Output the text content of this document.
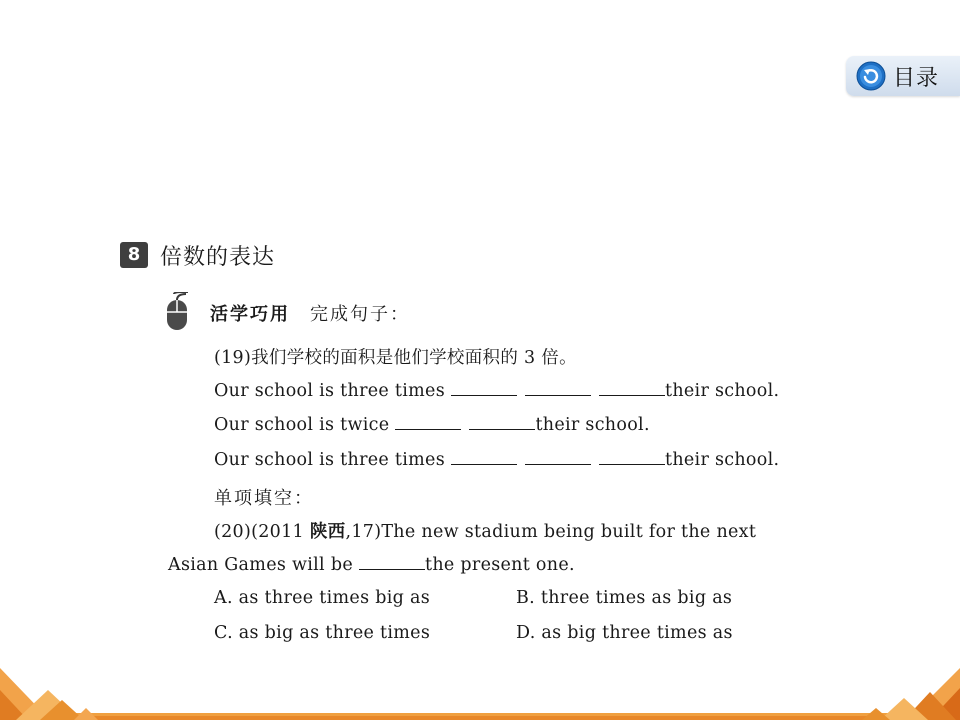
目录
8 倍数的表达
活学巧用 完成句子：
(19)我们学校的面积是他们学校面积的 3 倍。
Our school is three times	their school.
Our school is twice	their school.
Our school is three times	their school.
单项填空：
(20)(2011 陕西,17)The new stadium being built for the next
Asian Games will be	the present one.
A. as three times big as	B. three times as big as
C. as big as three times	D. as big three times as
